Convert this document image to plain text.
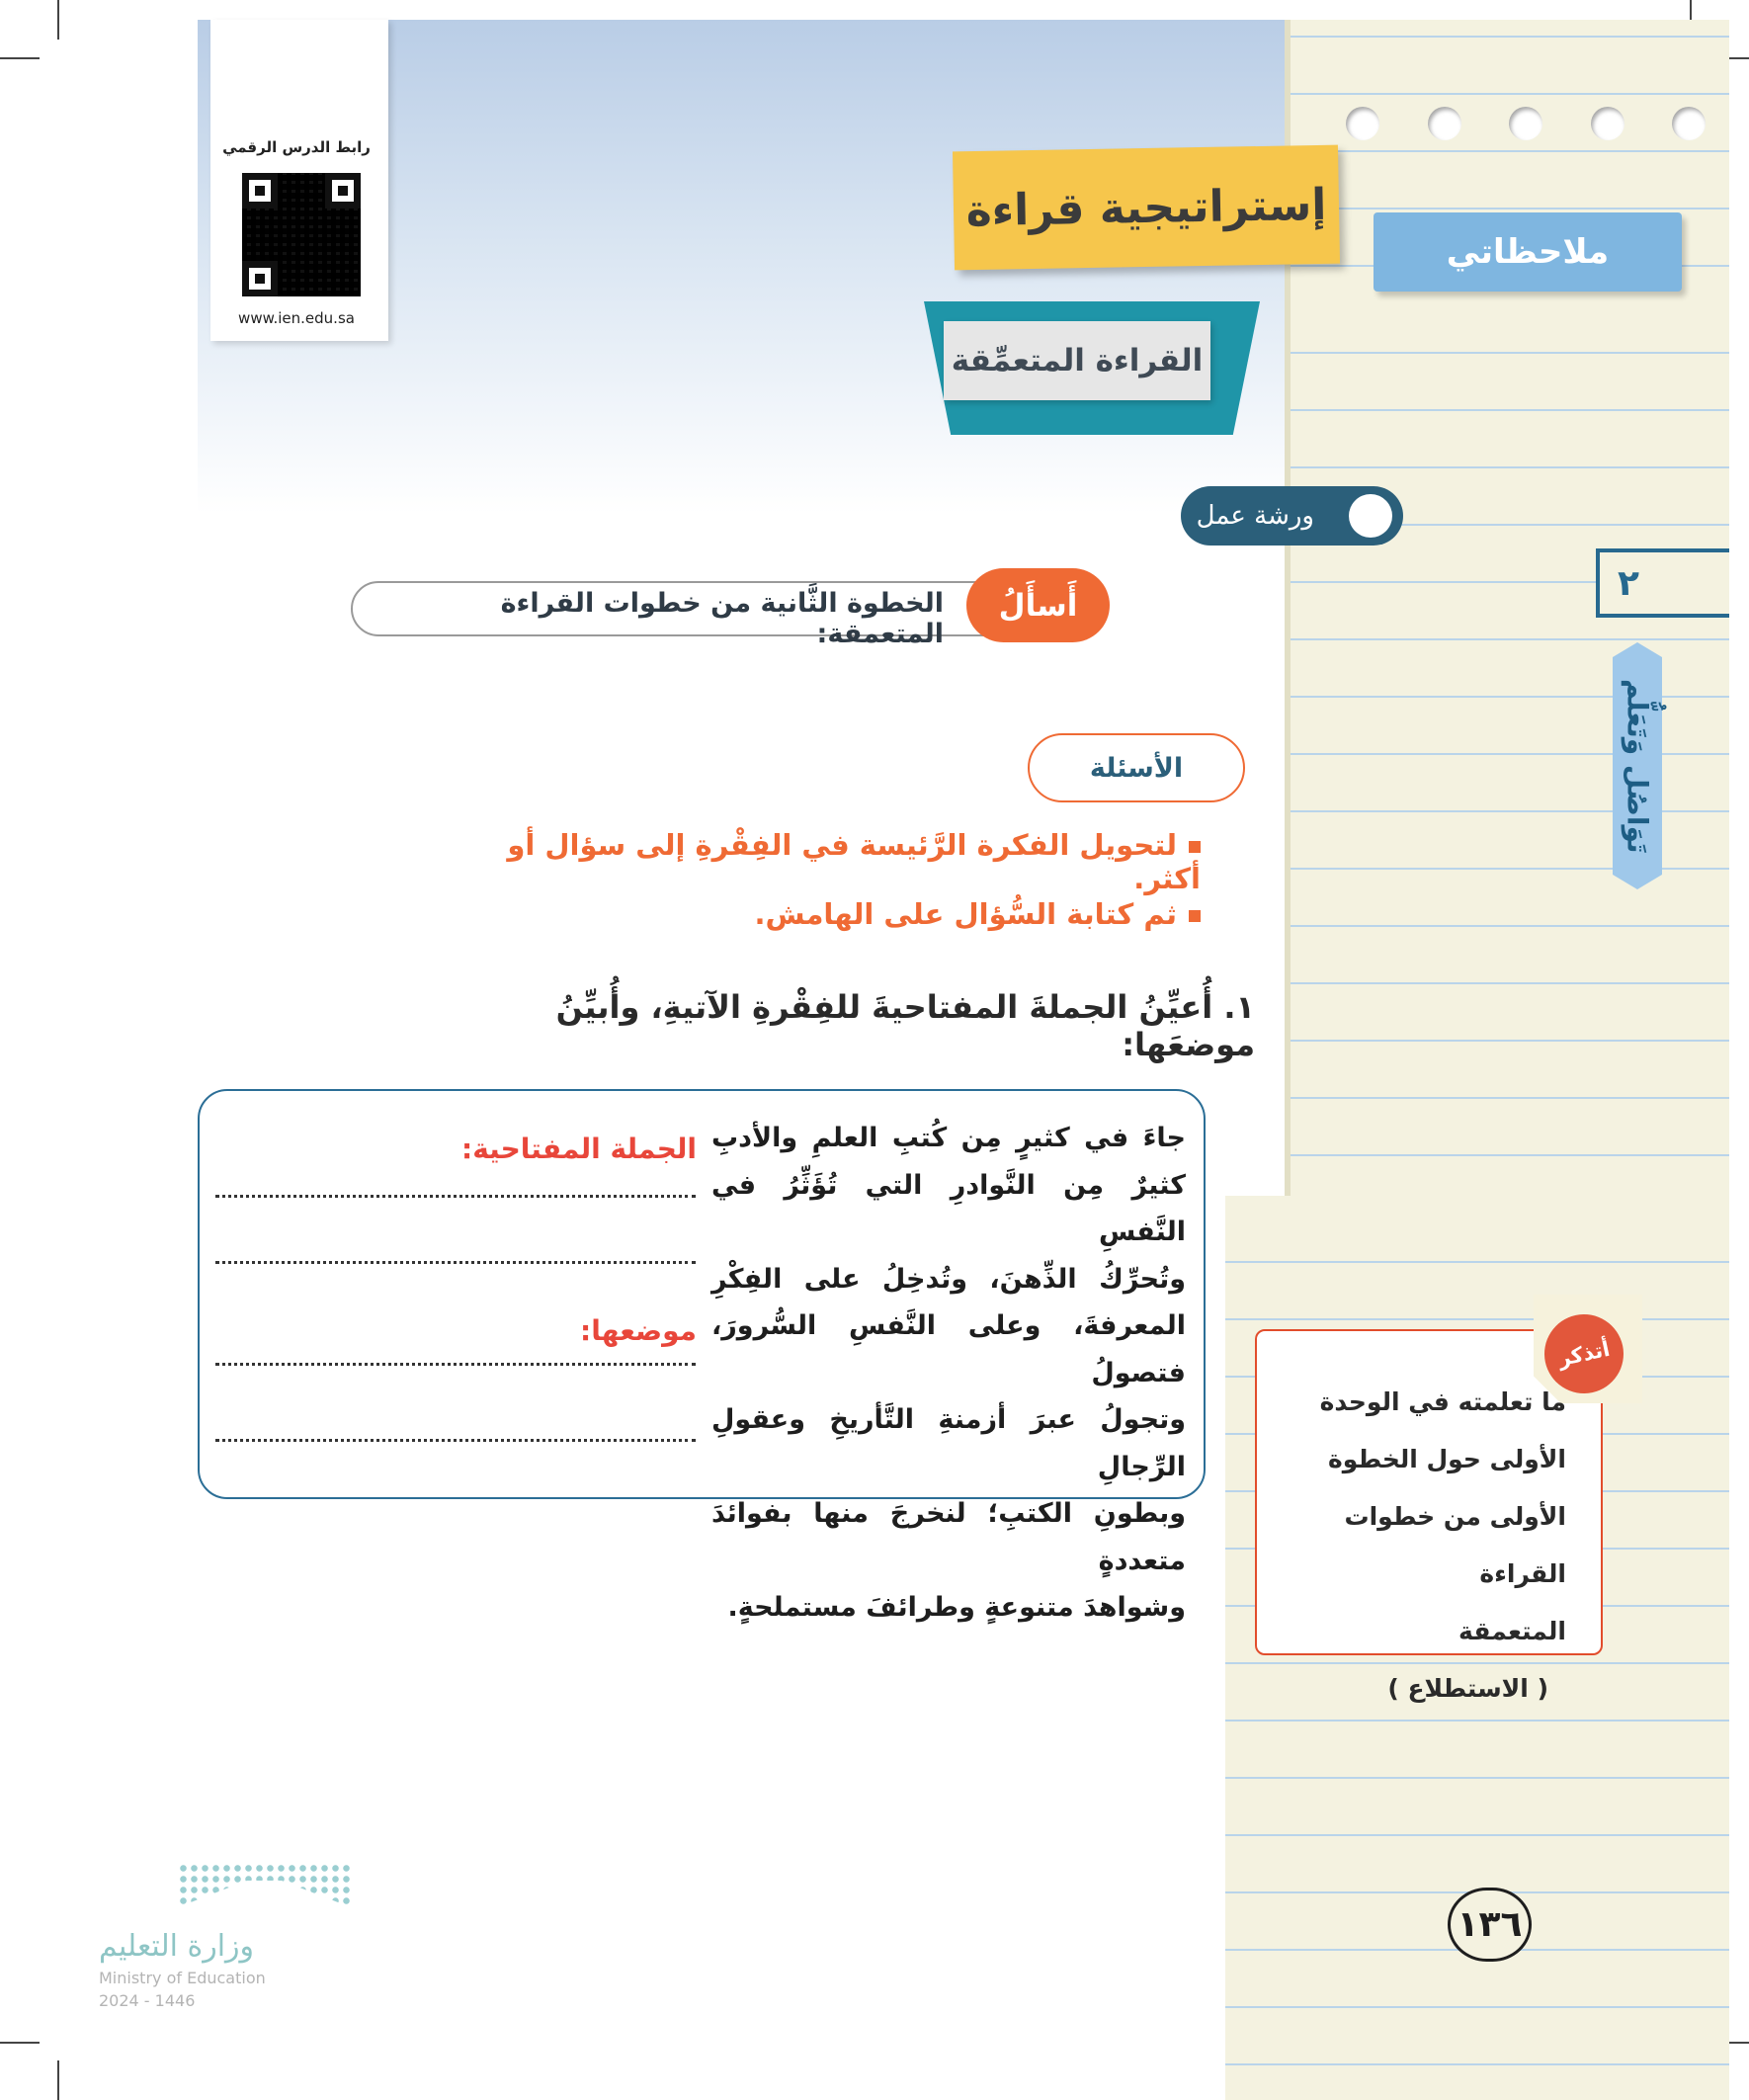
ملاحظاتي
٢
تَوَاصُل وَتَعَلُّم
رابط الدرس الرقمي
www.ien.edu.sa
إستراتيجية قراءة
القراءة المتعمِّقة
ورشة عمل
الخطوة الثَّانية من خطوات القراءة المتعمقة:
أَسأَلُ
الأسئلة
لتحويل الفكرة الرَّئيسة في الفِقْرةِ إلى سؤال أو أكثر.
ثم كتابة السُّؤال على الهامش.
١. أُعيِّنُ الجملةَ المفتاحيةَ للفِقْرةِ الآتيةِ، وأُبيِّنُ موضعَها:
جاءَ في كثيرٍ مِن كُتبِ العلمِ والأدبِ
كثيرٌ مِن النَّوادرِ التي تُؤَثِّرُ في النَّفسِ
وتُحرِّكُ الذِّهنَ، وتُدخِلُ على الفِكْرِ
المعرفةَ، وعلى النَّفسِ السُّرورَ، فتصولُ
وتجولُ عبرَ أزمنةِ التَّأريخِ وعقولِ الرِّجالِ
وبطونِ الكتبِ؛ لنخرجَ منها بفوائدَ متعددةٍ
وشواهدَ متنوعةٍ وطرائفَ مستملحةٍ.
الجملة المفتاحية:
موضعها:
أتذكر
ما تعلمته في الوحدة
الأولى حول الخطوة
الأولى من خطوات القراءة
المتعمقة
( الاستطلاع )
١٣٦
وزارة التعليم
Ministry of Education
2024 - 1446
